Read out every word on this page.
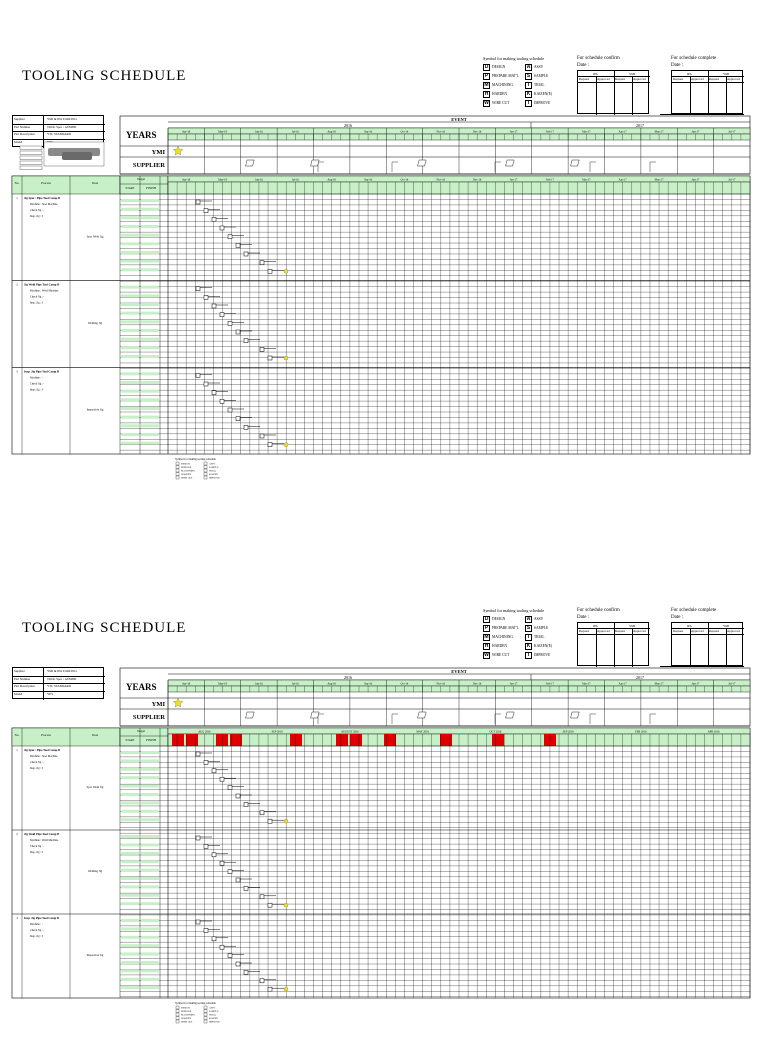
TOOLING SCHEDULE
Symbol for making tooling schedule
D	DESIGN
P	PREPARE MAT'L
M MACHINING
H	HARDEN
W WIRE CUT
A	ASSY
S	SAMPLE
T	TRIAL
K	KAIZEN(E)
I	IMPROVE
For schedule confirm
Date :
IPA	YMI
Request Approved Request Approved
For schedule complete
Date :
IPA	YMI
Request Approved Request Approved
Supplier	YMI & IPA TOOLING
Part Number	TOOL Spec / GEMINI
Part Description	YTL STANDARD
Model
EVENT
2016	2017
YEARS	Apr-16	May-16	Jun-16	Jul-16	Aug-16	Sep-16	Oct-16	Nov-16	Dec-16	Jan-17	Feb-17	Mar-17	Apr-17	May-17	Jun-17	Jul-17
YMI
SUPPLIER
No.	Process	Data
Target
START	FINISH
Apr-16	May-16	Jun-16	Jul-16	Aug-16	Sep-16	Oct-16	Nov-16	Dec-16	Jan-17	Feb-17	Mar-17	Apr-17	May-17	Jun-17	Jul-17
1 Jig Spot / Pipe Tool Comp B
Machine : Spot Machine
Check Jig : -
Insp. Jig : 3
Spot Weld Jig
2 Jig Weld Pipe Tool Comp B
Machine : Weld Machine
Check Jig : -
Insp. Jig : 3
Welding Jig
3 Insp. Jig Pipe Tool Comp B
Machine : -
Check Jig : -
Insp. Jig : 3
Inspection Jig
Symbol for making tooling schedule
DESIGN
PREPARE
MACHINING
HARDEN
WIRE CUT
ASSY
SAMPLE
TRIAL
KAIZEN
IMPROVE
TOOLING SCHEDULE
Symbol for making tooling schedule
D	DESIGN
P	PREPARE MAT'L
M MACHINING
H	HARDEN
W WIRE CUT
A	ASSY
S	SAMPLE
T	TRIAL
K	KAIZEN(E)
I	IMPROVE
For schedule confirm
Date :
IPA	YMI
Request Approved Request Approved
For schedule complete
Date :
IPA	YMI
Request Approved Request Approved
Supplier	YMI & IPA TOOLING
Part Number	TOOL Spec / GEMINI
Part Description	YTL STANDARD
Model	YES
EVENT
2016	2017
YEARS	Apr-16	May-16	Jun-16	Jul-16	Aug-16	Sep-16	Oct-16	Nov-16	Dec-16	Jan-17	Feb-17	Mar-17	Apr-17	May-17	Jun-17	Jul-17
YMI
SUPPLIER
No.	Process	Data
Target
START	FINISH
AUG 2016	SEP 2016	AUGUST 2016	MAY 2016	OCT 2016	SEP 2016	FEB 2016	APR 2016
1 Jig Spot / Pipe Tool Comp B
Machine : Spot Machine
Check Jig : -
Insp. Jig : 3
Spot Weld Jig
2 Jig Weld Pipe Tool Comp B
Machine : Weld Machine
Check Jig : -
Insp. Jig : 3
Welding Jig
3 Insp. Jig Pipe Tool Comp B
Machine : -
Check Jig : -
Insp. Jig : 3
Inspection Jig
Symbol for making tooling schedule
DESIGN
PREPARE
MACHINING
HARDEN
WIRE CUT
ASSY
SAMPLE
TRIAL
KAIZEN
IMPROVE
